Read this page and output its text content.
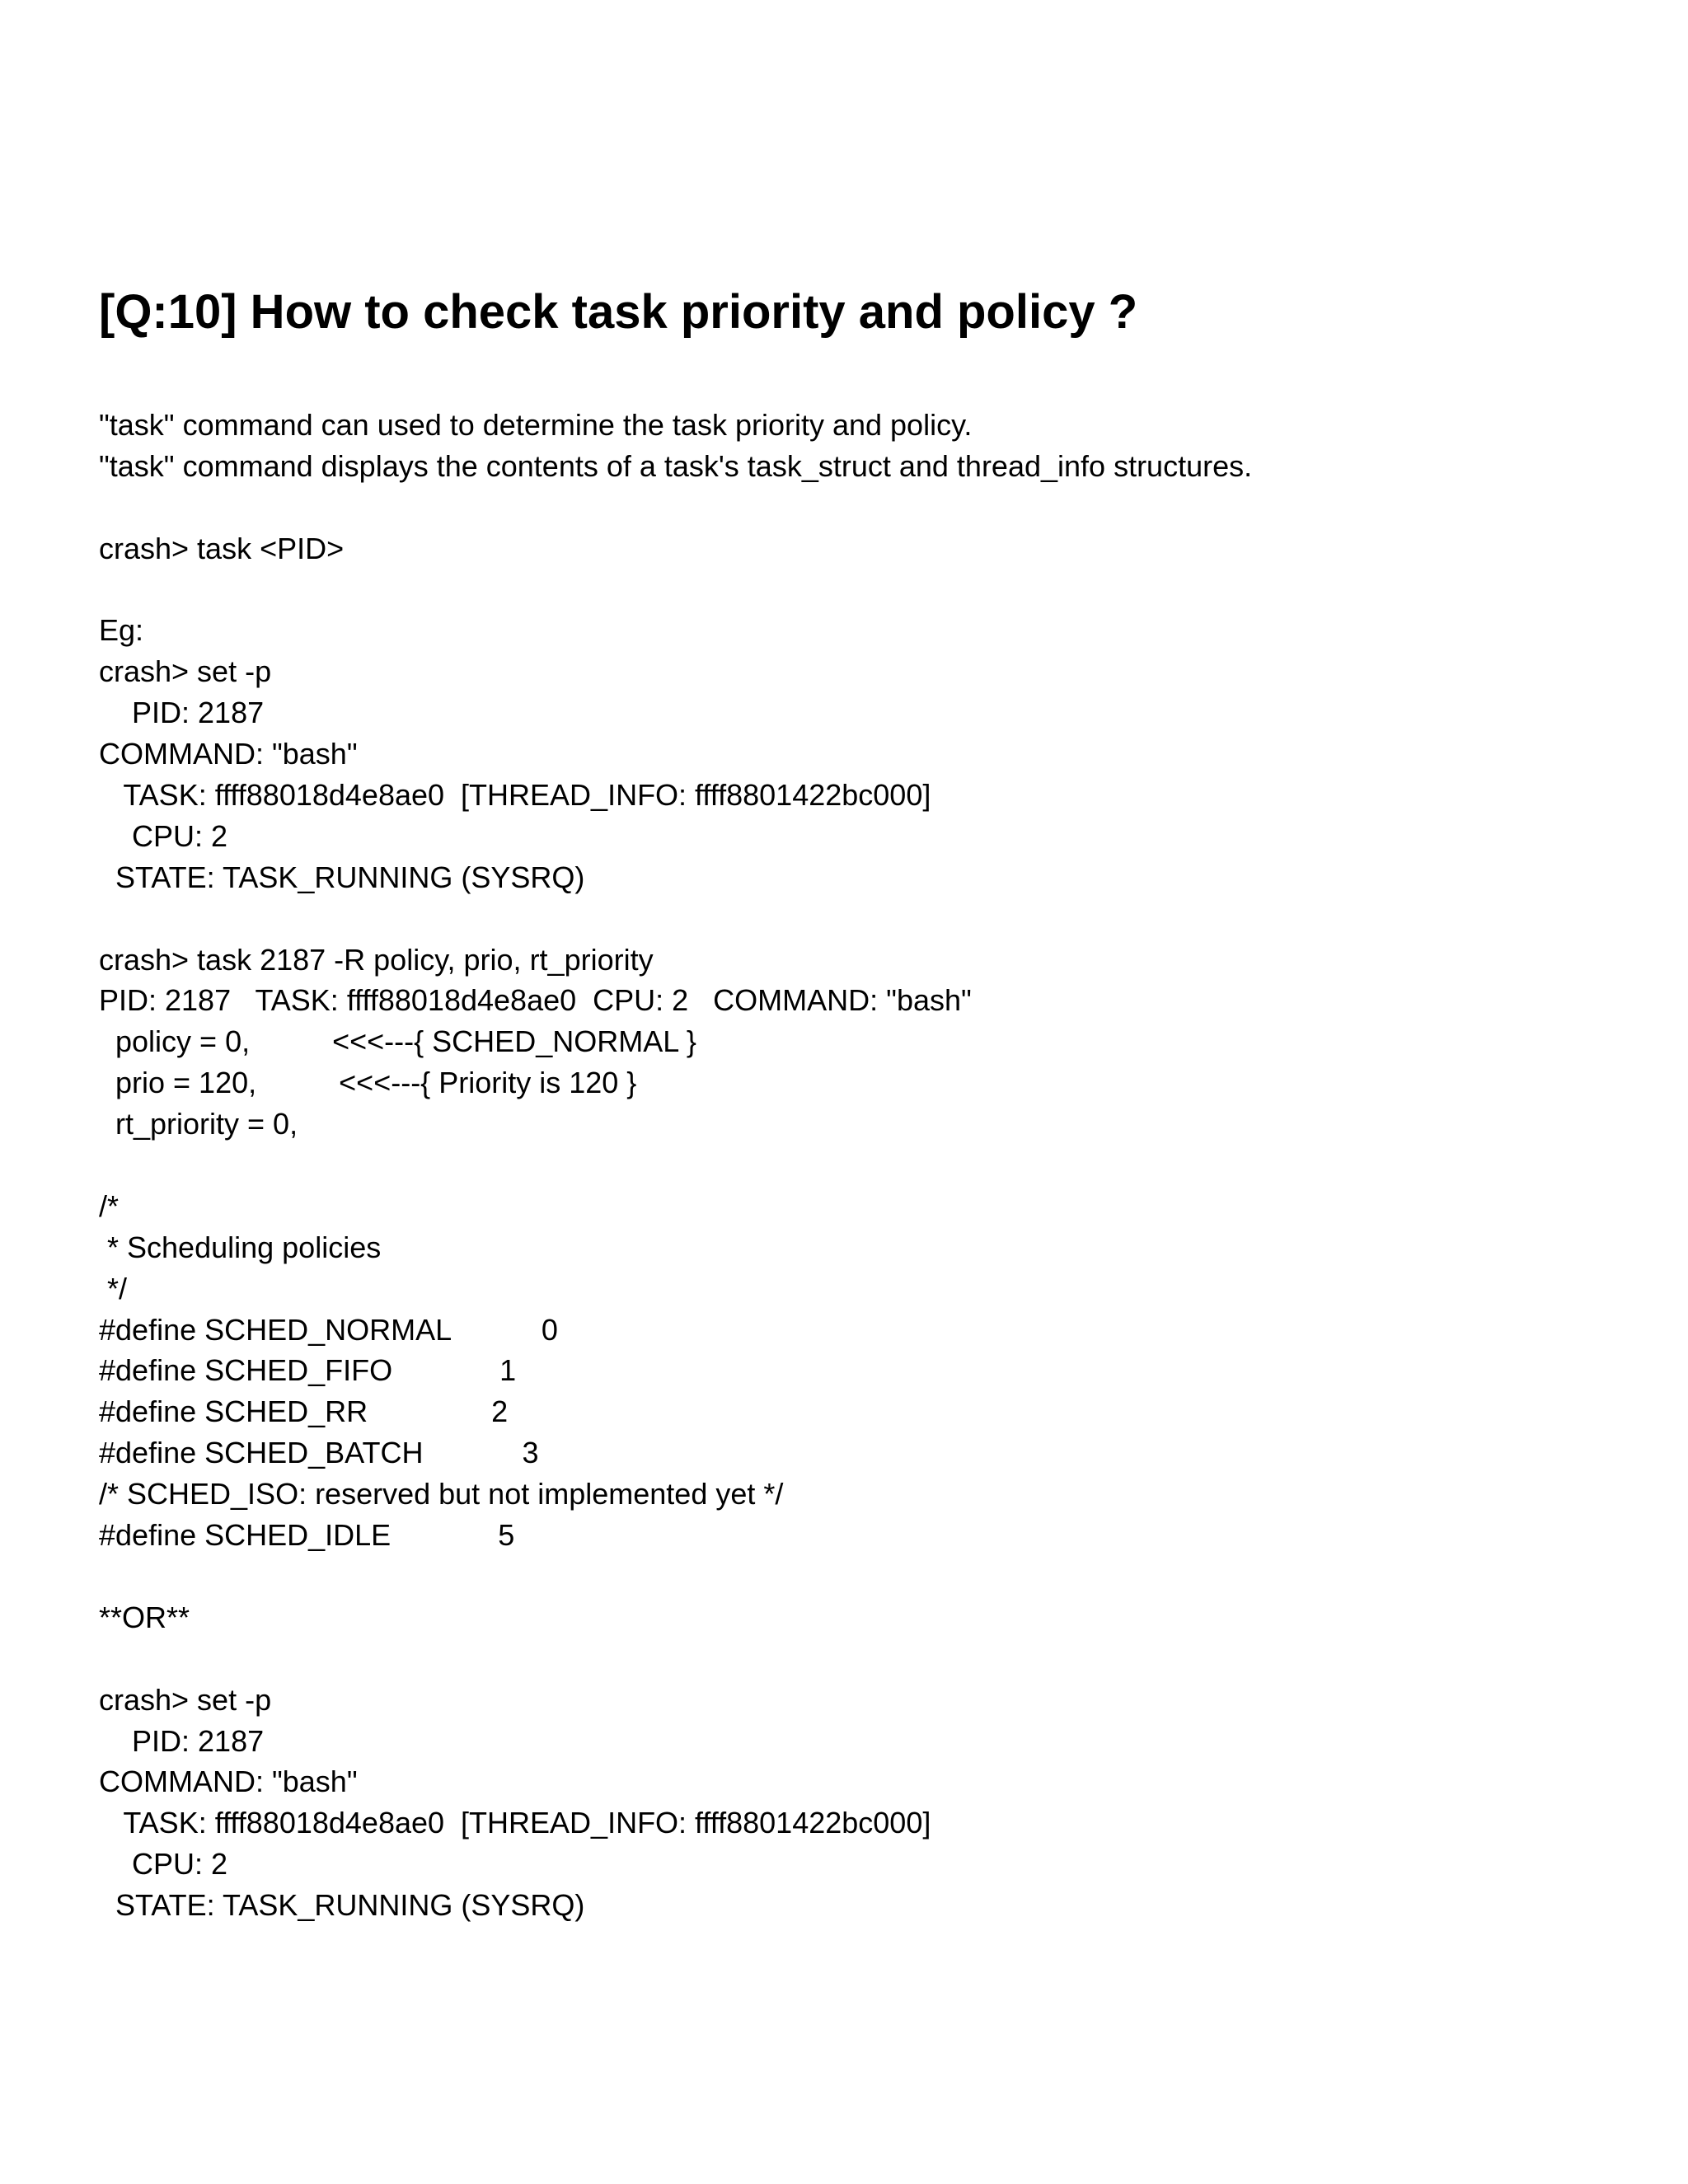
[Q:10] How to check task priority and policy ?
"task" command can used to determine the task priority and policy.
"task" command displays the contents of a task's task_struct and thread_info structures.
crash> task <PID>
Eg:
crash> set -p
PID: 2187
COMMAND: "bash"
TASK: ffff88018d4e8ae0  [THREAD_INFO: ffff8801422bc000]
CPU: 2
STATE: TASK_RUNNING (SYSRQ)
crash> task 2187 -R policy, prio, rt_priority
PID: 2187   TASK: ffff88018d4e8ae0  CPU: 2   COMMAND: "bash"
policy = 0,          <<<---{ SCHED_NORMAL }
prio = 120,          <<<---{ Priority is 120 }
rt_priority = 0,
/*
* Scheduling policies
*/
#define SCHED_NORMAL           0
#define SCHED_FIFO             1
#define SCHED_RR               2
#define SCHED_BATCH            3
/* SCHED_ISO: reserved but not implemented yet */
#define SCHED_IDLE             5
**OR**
crash> set -p
PID: 2187
COMMAND: "bash"
TASK: ffff88018d4e8ae0  [THREAD_INFO: ffff8801422bc000]
CPU: 2
STATE: TASK_RUNNING (SYSRQ)
